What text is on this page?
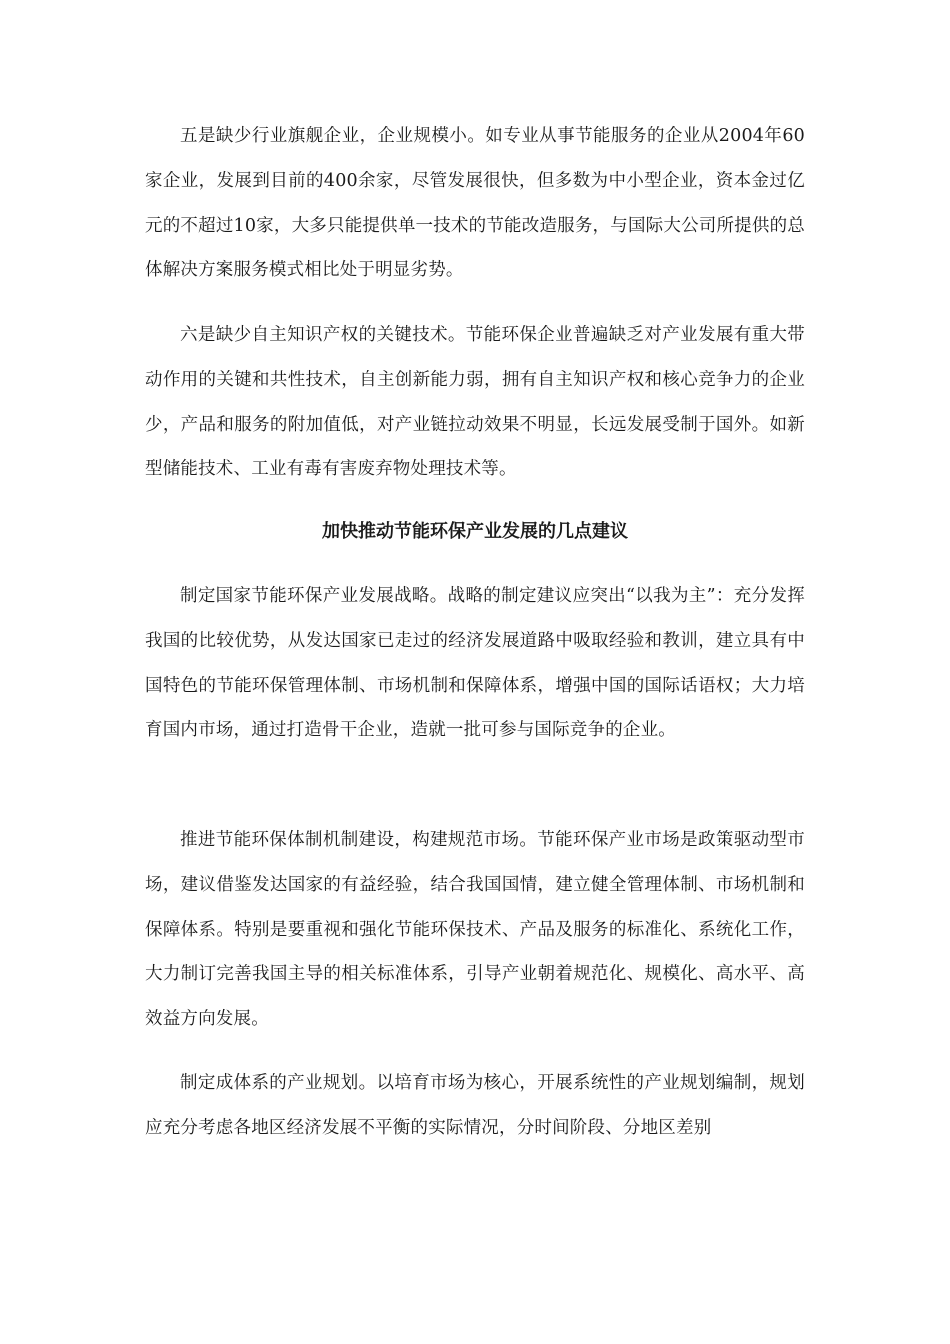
五是缺少行业旗舰企业，企业规模小。如专业从事节能服务的企业从2004年60家企业，发展到目前的400余家，尽管发展很快，但多数为中小型企业，资本金过亿元的不超过10家，大多只能提供单一技术的节能改造服务，与国际大公司所提供的总体解决方案服务模式相比处于明显劣势。

六是缺少自主知识产权的关键技术。节能环保企业普遍缺乏对产业发展有重大带动作用的关键和共性技术，自主创新能力弱，拥有自主知识产权和核心竞争力的企业少，产品和服务的附加值低，对产业链拉动效果不明显，长远发展受制于国外。如新型储能技术、工业有毒有害废弃物处理技术等。

加快推动节能环保产业发展的几点建议

制定国家节能环保产业发展战略。战略的制定建议应突出“以我为主”：充分发挥我国的比较优势，从发达国家已走过的经济发展道路中吸取经验和教训，建立具有中国特色的节能环保管理体制、市场机制和保障体系，增强中国的国际话语权；大力培育国内市场，通过打造骨干企业，造就一批可参与国际竞争的企业。

推进节能环保体制机制建设，构建规范市场。节能环保产业市场是政策驱动型市场，建议借鉴发达国家的有益经验，结合我国国情，建立健全管理体制、市场机制和保障体系。特别是要重视和强化节能环保技术、产品及服务的标准化、系统化工作，大力制订完善我国主导的相关标准体系，引导产业朝着规范化、规模化、高水平、高效益方向发展。

制定成体系的产业规划。以培育市场为核心，开展系统性的产业规划编制，规划应充分考虑各地区经济发展不平衡的实际情况，分时间阶段、分地区差别
